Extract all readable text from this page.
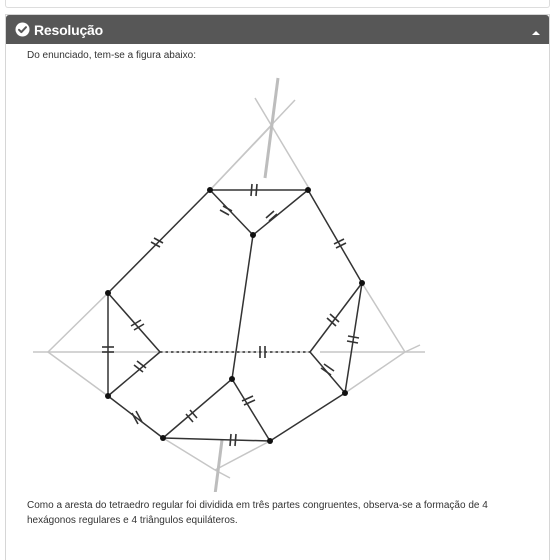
Resolução
Do enunciado, tem-se a figura abaixo:
Como a aresta do tetraedro regular foi dividida em três partes congruentes, observa-se a formação de 4 hexágonos regulares e 4 triângulos equiláteros.
